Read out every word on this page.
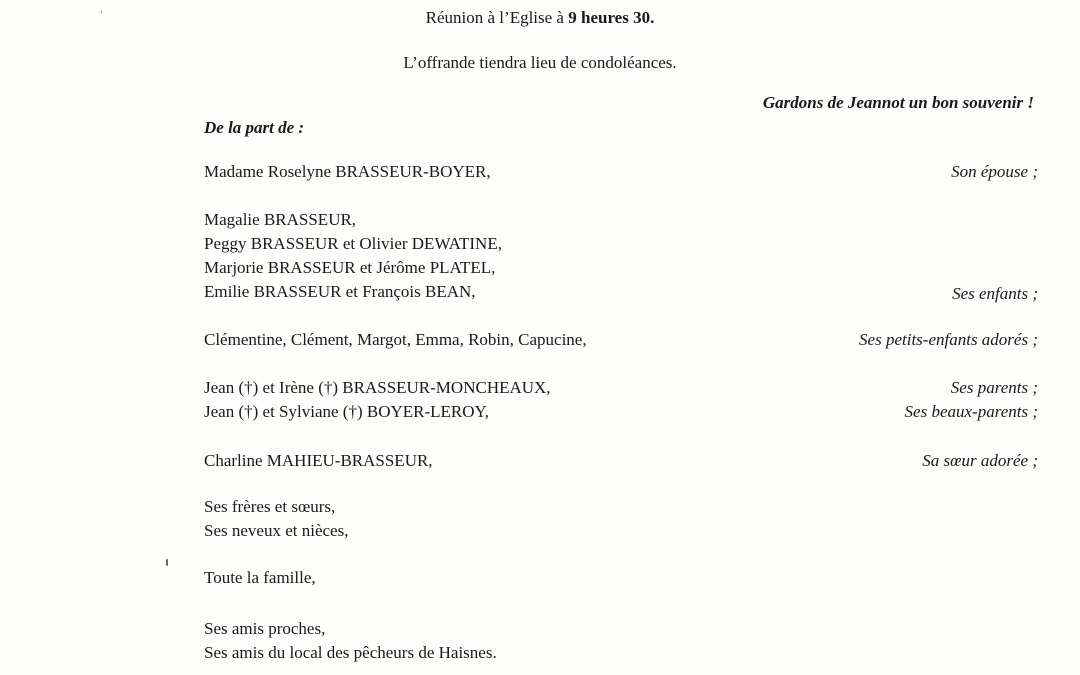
Réunion à l’Eglise à 9 heures 30.
L’offrande tiendra lieu de condoléances.
Gardons de Jeannot un bon souvenir !
De la part de :
Madame Roselyne BRASSEUR-BOYER,	Son épouse ;
Magalie BRASSEUR,
Peggy BRASSEUR et Olivier DEWATINE,
Marjorie BRASSEUR et Jérôme PLATEL,
Emilie BRASSEUR et François BEAN,	Ses enfants ;
Clémentine, Clément, Margot, Emma, Robin, Capucine,	Ses petits-enfants adorés ;
Jean (†) et Irène (†) BRASSEUR-MONCHEAUX,	Ses parents ;
Jean (†) et Sylviane (†) BOYER-LEROY,	Ses beaux-parents ;
Charline MAHIEU-BRASSEUR,	Sa sœur adorée ;
Ses frères et sœurs,
Ses neveux et nièces,
Toute la famille,
Ses amis proches,
Ses amis du local des pêcheurs de Haisnes.
